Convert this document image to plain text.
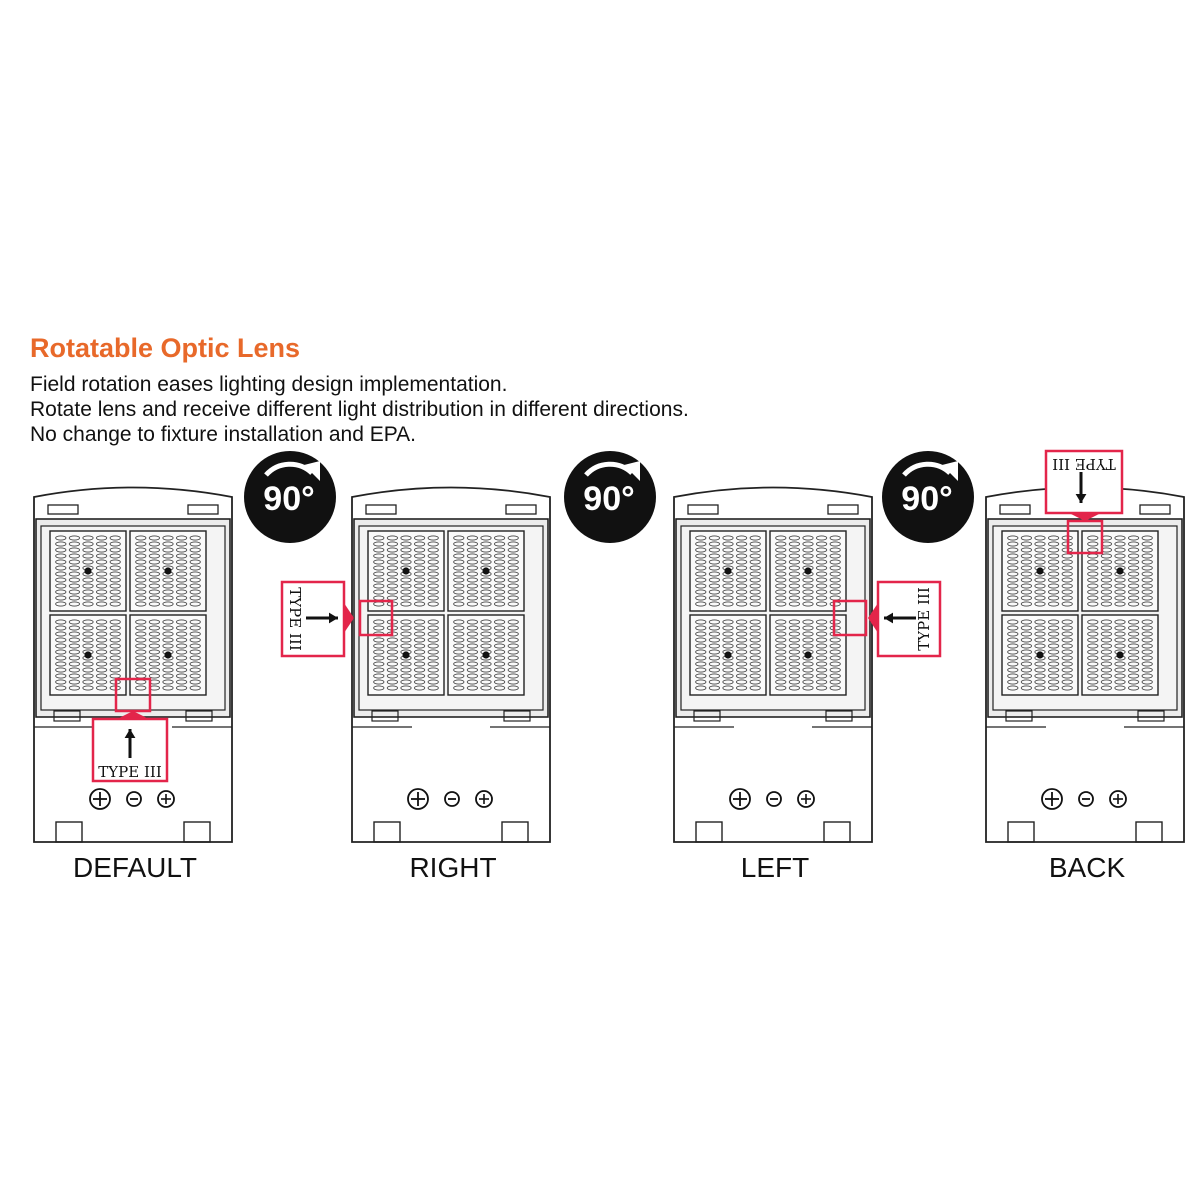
Rotatable Optic Lens
Field rotation eases lighting design implementation.
Rotate lens and receive different light distribution in different directions.
No change to fixture installation and EPA.
DEFAULT
TYPE III
RIGHT
TYPE III
LEFT
TYPE III
BACK
TYPE III
90°	90°	90°
